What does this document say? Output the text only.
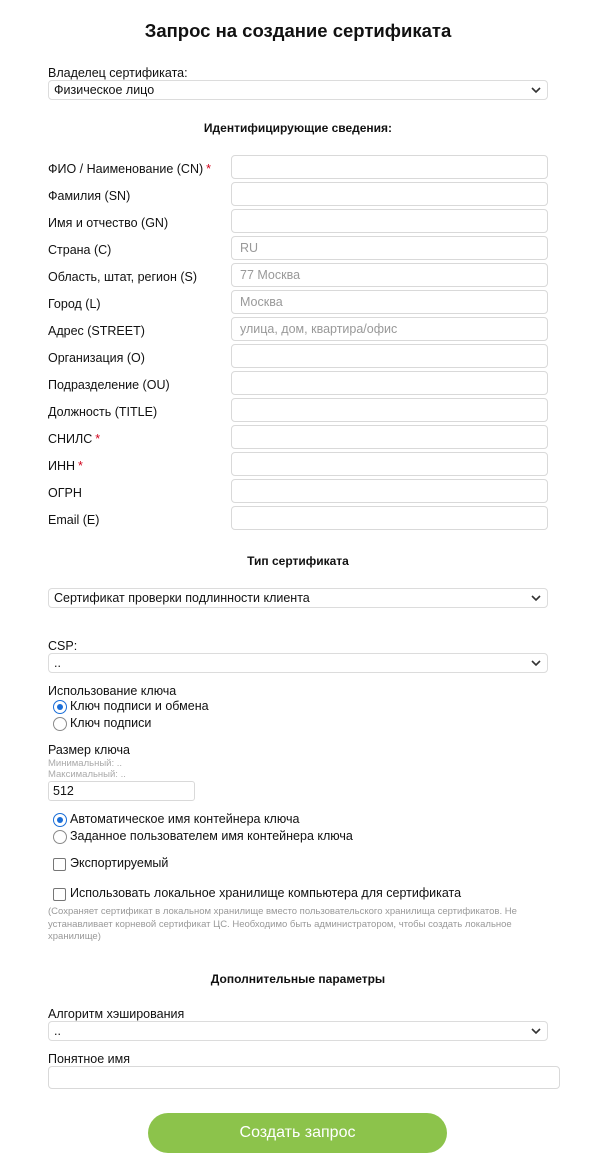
Запрос на создание сертификата
Владелец сертификата:
Физическое лицо
Идентифицирующие сведения:
ФИО / Наименование (CN) *
Фамилия (SN)
Имя и отчество (GN)
Страна (C)	RU
Область, штат, регион (S)	77 Москва
Город (L)	Москва
Адрес (STREET)	улица, дом, квартира/офис
Организация (O)
Подразделение (OU)
Должность (TITLE)
СНИЛС *
ИНН *
ОГРН
Email (E)
Тип сертификата
Сертификат проверки подлинности клиента
CSP:
..
Использование ключа
Ключ подписи и обмена
Ключ подписи
Размер ключа
Минимальный: ..
Максимальный: ..
512
Автоматическое имя контейнера ключа
Заданное пользователем имя контейнера ключа
Экспортируемый
Использовать локальное хранилище компьютера для сертификата
(Сохраняет сертификат в локальном хранилище вместо пользовательского хранилища сертификатов. Не устанавливает корневой сертификат ЦС. Необходимо быть администратором, чтобы создать локальное хранилище)
Дополнительные параметры
Алгоритм хэширования
..
Понятное имя
Создать запрос
